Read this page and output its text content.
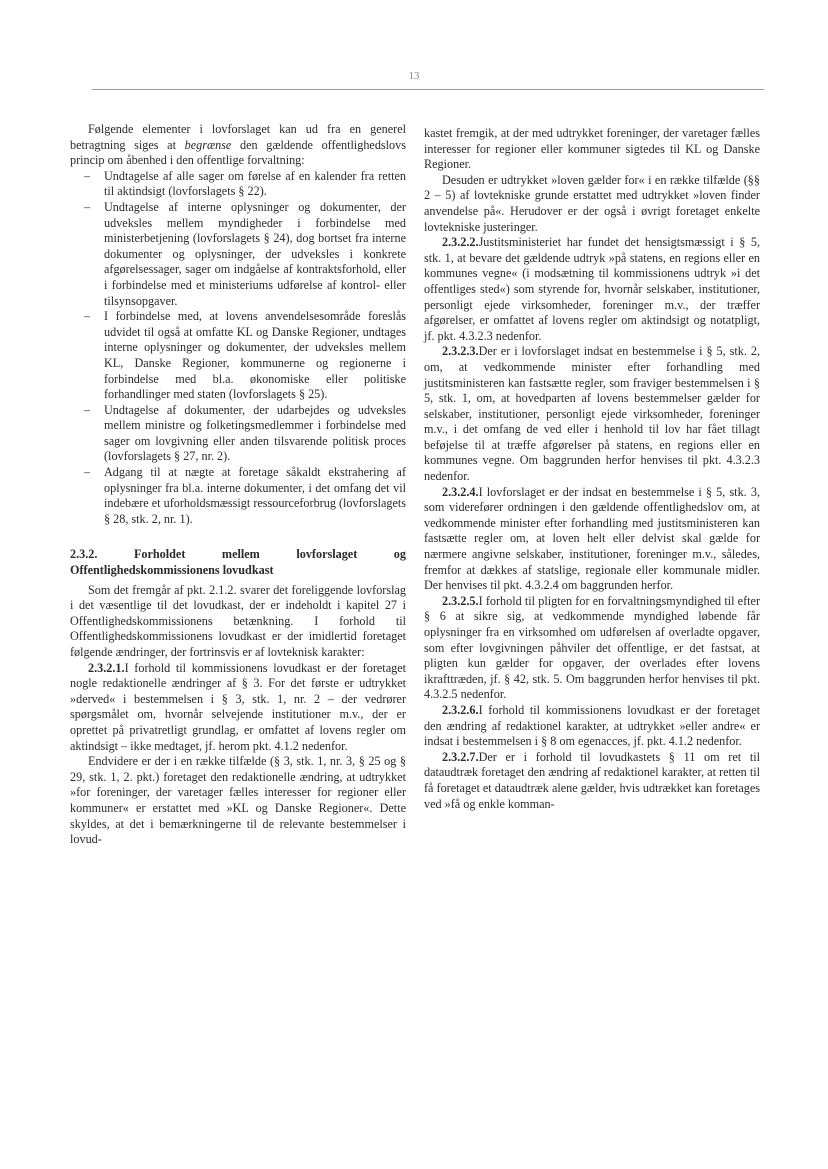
13

Følgende elementer i lovforslaget kan ud fra en generel betragtning siges at begrænse den gældende offentlighedslovs princip om åbenhed i den offentlige forvaltning:

– Undtagelse af alle sager om førelse af en kalender fra retten til aktindsigt (lovforslagets § 22).
– Undtagelse af interne oplysninger og dokumenter, der udveksles mellem myndigheder i forbindelse med ministerbetjening (lovforslagets § 24), dog bortset fra interne dokumenter og oplysninger, der udveksles i konkrete afgørelsessager, sager om indgåelse af kontraktsforhold, eller i forbindelse med et ministeriums udførelse af kontrol- eller tilsynsopgaver.
– I forbindelse med, at lovens anvendelsesområde foreslås udvidet til også at omfatte KL og Danske Regioner, undtages interne oplysninger og dokumenter, der udveksles mellem KL, Danske Regioner, kommunerne og regionerne i forbindelse med bl.a. økonomiske eller politiske forhandlinger med staten (lovforslagets § 25).
– Undtagelse af dokumenter, der udarbejdes og udveksles mellem ministre og folketingsmedlemmer i forbindelse med sager om lovgivning eller anden tilsvarende politisk proces (lovforslagets § 27, nr. 2).
– Adgang til at nægte at foretage såkaldt ekstrahering af oplysninger fra bl.a. interne dokumenter, i det omfang det vil indebære et uforholdsmæssigt ressourceforbrug (lovforslagets § 28, stk. 2, nr. 1).

2.3.2. Forholdet mellem lovforslaget og Offentlighedskommissionens lovudkast

Som det fremgår af pkt. 2.1.2. svarer det foreliggende lovforslag i det væsentlige til det lovudkast, der er indeholdt i kapitel 27 i Offentlighedskommissionens betænkning. I forhold til Offentlighedskommissionens lovudkast er der imidlertid foretaget følgende ændringer, der fortrinsvis er af lovteknisk karakter:

2.3.2.1.I forhold til kommissionens lovudkast er der foretaget nogle redaktionelle ændringer af § 3. For det første er udtrykket »derved« i bestemmelsen i § 3, stk. 1, nr. 2 – der vedrører spørgsmålet om, hvornår selvejende institutioner m.v., der er oprettet på privatretligt grundlag, er omfattet af lovens regler om aktindsigt – ikke medtaget, jf. herom pkt. 4.1.2 nedenfor.

Endvidere er der i en række tilfælde (§ 3, stk. 1, nr. 3, § 25 og § 29, stk. 1, 2. pkt.) foretaget den redaktionelle ændring, at udtrykket »for foreninger, der varetager fælles interesser for regioner eller kommuner« er erstattet med »KL og Danske Regioner«. Dette skyldes, at det i bemærkningerne til de relevante bestemmelser i lovud-

kastet fremgik, at der med udtrykket foreninger, der varetager fælles interesser for regioner eller kommuner sigtedes til KL og Danske Regioner.

Desuden er udtrykket »loven gælder for« i en række tilfælde (§§ 2 – 5) af lovtekniske grunde erstattet med udtrykket »loven finder anvendelse på«. Herudover er der også i øvrigt foretaget enkelte lovtekniske justeringer.

2.3.2.2.Justitsministeriet har fundet det hensigtsmæssigt i § 5, stk. 1, at bevare det gældende udtryk »på statens, en regions eller en kommunes vegne« (i modsætning til kommissionens udtryk »i det offentliges sted«) som styrende for, hvornår selskaber, institutioner, personligt ejede virksomheder, foreninger m.v., der træffer afgørelser, er omfattet af lovens regler om aktindsigt og notatpligt, jf. pkt. 4.3.2.3 nedenfor.

2.3.2.3.Der er i lovforslaget indsat en bestemmelse i § 5, stk. 2, om, at vedkommende minister efter forhandling med justitsministeren kan fastsætte regler, som fraviger bestemmelsen i § 5, stk. 1, om, at hovedparten af lovens bestemmelser gælder for selskaber, institutioner, personligt ejede virksomheder, foreninger m.v., i det omfang de ved eller i henhold til lov har fået tillagt beføjelse til at træffe afgørelser på statens, en regions eller en kommunes vegne. Om baggrunden herfor henvises til pkt. 4.3.2.3 nedenfor.

2.3.2.4.I lovforslaget er der indsat en bestemmelse i § 5, stk. 3, som viderefører ordningen i den gældende offentlighedslov om, at vedkommende minister efter forhandling med justitsministeren kan fastsætte regler om, at loven helt eller delvist skal gælde for nærmere angivne selskaber, institutioner, foreninger m.v., således, fremfor at dækkes af statslige, regionale eller kommunale midler. Der henvises til pkt. 4.3.2.4 om baggrunden herfor.

2.3.2.5.I forhold til pligten for en forvaltningsmyndighed til efter § 6 at sikre sig, at vedkommende myndighed løbende får oplysninger fra en virksomhed om udførelsen af overladte opgaver, som efter lovgivningen påhviler det offentlige, er det fastsat, at pligten kun gælder for opgaver, der overlades efter lovens ikrafttræden, jf. § 42, stk. 5. Om baggrunden herfor henvises til pkt. 4.3.2.5 nedenfor.

2.3.2.6.I forhold til kommissionens lovudkast er der foretaget den ændring af redaktionel karakter, at udtrykket »eller andre« er indsat i bestemmelsen i § 8 om egenacces, jf. pkt. 4.1.2 nedenfor.

2.3.2.7.Der er i forhold til lovudkastets § 11 om ret til dataudtræk foretaget den ændring af redaktionel karakter, at retten til få foretaget et dataudtræk alene gælder, hvis udtrækket kan foretages ved »få og enkle komman-
